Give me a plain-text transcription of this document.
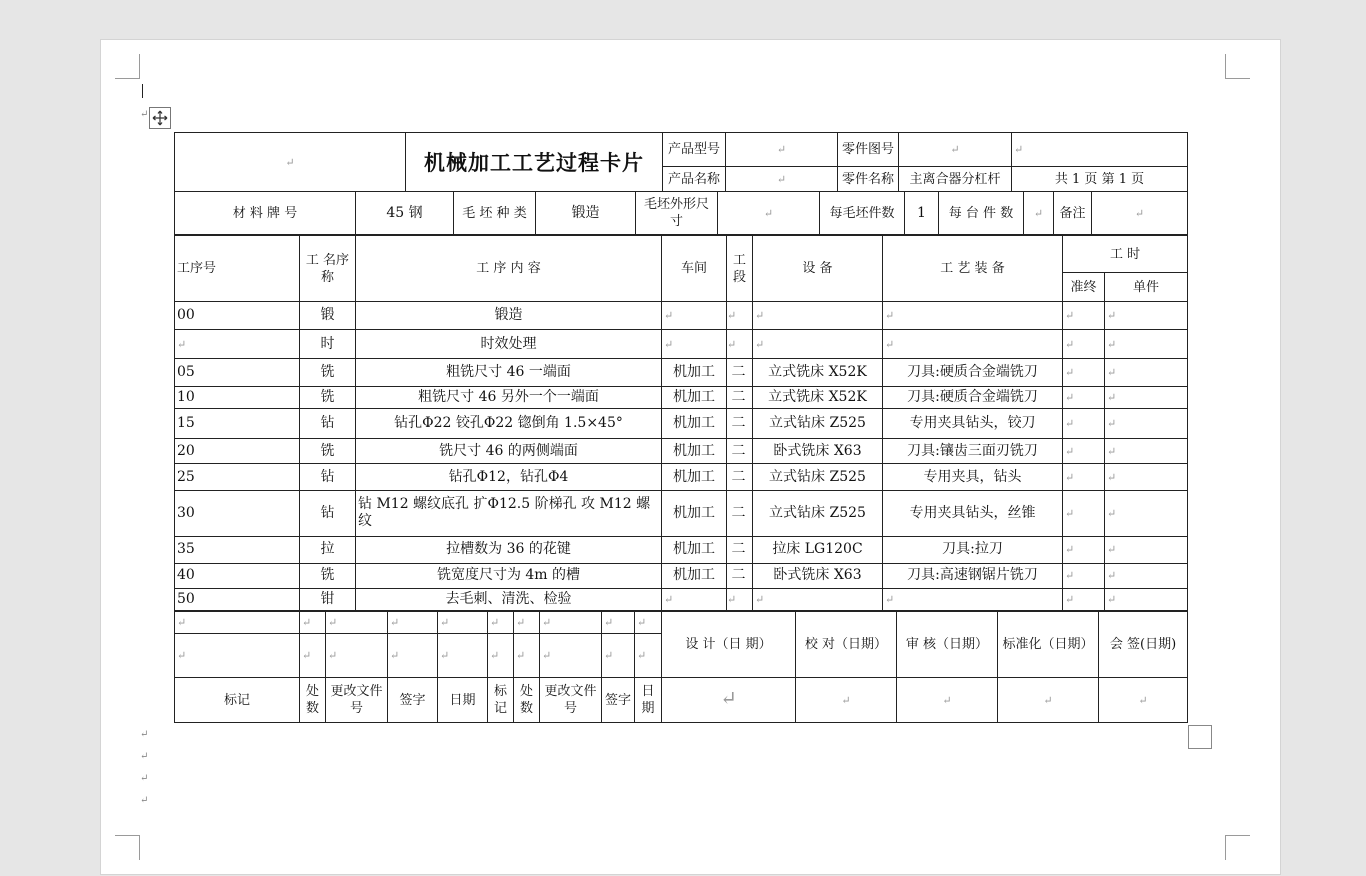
↵
↵
↵
↵
↵
↵	机械加工工艺过程卡片	产品型号	↵	零件图号	↵	↵
		产品名称	↵	零件名称	主离合器分杠杆	共 1 页 第 1 页
材 料 牌 号	45 钢	毛 坯 种 类	锻造	毛坯外形尺寸	↵	每毛坯件数	1	每 台 件 数	↵	备注	↵
工序号	工 名序 称	工 序 内 容	车间	工段	设 备	工 艺 装 备	工 时	
							准终	单件
00	锻	锻造	↵	↵	↵	↵	↵	↵
↵	时	时效处理	↵	↵	↵	↵	↵	↵
05	铣	粗铣尺寸 46 一端面	机加工	二	立式铣床 X52K	刀具:硬质合金端铣刀	↵	↵
10	铣	粗铣尺寸 46 另外一个一端面	机加工	二	立式铣床 X52K	刀具:硬质合金端铣刀	↵	↵
15	钻	钻孔Φ22 铰孔Φ22 锪倒角 1.5×45°	机加工	二	立式钻床 Z525	专用夹具钻头，铰刀	↵	↵
20	铣	铣尺寸 46 的两侧端面	机加工	二	卧式铣床 X63	刀具:镶齿三面刃铣刀	↵	↵
25	钻	钻孔Φ12，钻孔Φ4	机加工	二	立式钻床 Z525	专用夹具，钻头	↵	↵
30	钻	钻 M12 螺纹底孔 扩Φ12.5 阶梯孔 攻 M12 螺纹	机加工	二	立式钻床 Z525	专用夹具钻头，丝锥	↵	↵
35	拉	拉槽数为 36 的花键	机加工	二	拉床 LG120C	刀具:拉刀	↵	↵
40	铣	铣宽度尺寸为 4m 的槽	机加工	二	卧式铣床 X63	刀具:高速钢锯片铣刀	↵	↵
50	钳	去毛刺、清洗、检验	↵	↵	↵	↵	↵	↵
↵	↵	↵	↵	↵	↵	↵	↵	↵	↵	设 计（日 期）	校 对（日期）	审 核（日期）	标准化（日期）	会 签(日期)
↵	↵	↵	↵	↵	↵	↵	↵	↵	↵					
标记	处数	更改文件号	签字	日期	标记	处数	更改文件号	签字	日期	↵	↵	↵	↵	↵
